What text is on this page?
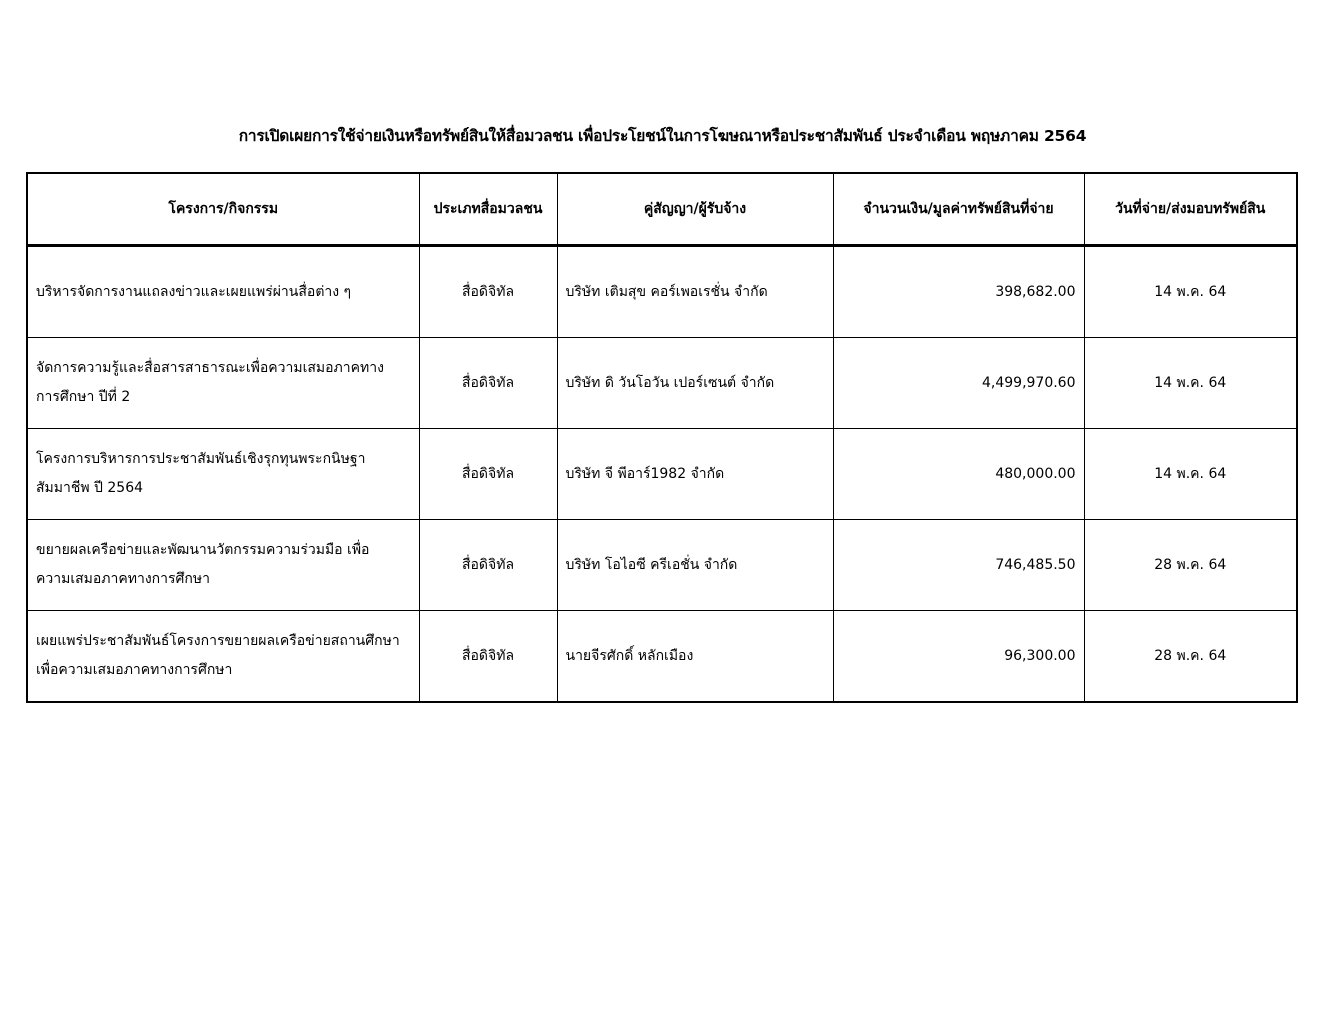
การเปิดเผยการใช้จ่ายเงินหรือทรัพย์สินให้สื่อมวลชน เพื่อประโยชน์ในการโฆษณาหรือประชาสัมพันธ์ ประจำเดือน พฤษภาคม 2564
โครงการ/กิจกรรม	ประเภทสื่อมวลชน	คู่สัญญา/ผู้รับจ้าง	จำนวนเงิน/มูลค่าทรัพย์สินที่จ่าย	วันที่จ่าย/ส่งมอบทรัพย์สิน

บริหารจัดการงานแถลงข่าวและเผยแพร่ผ่านสื่อต่าง ๆ	สื่อดิจิทัล	บริษัท เติมสุข คอร์เพอเรชั่น จำกัด	398,682.00	14 พ.ค. 64

จัดการความรู้และสื่อสารสาธารณะเพื่อความเสมอภาคทาง
การศึกษา ปีที่ 2	สื่อดิจิทัล	บริษัท ดิ วันโอวัน เปอร์เซนต์ จำกัด	4,499,970.60	14 พ.ค. 64

โครงการบริหารการประชาสัมพันธ์เชิงรุกทุนพระกนิษฐา
สัมมาชีพ ปี 2564	สื่อดิจิทัล	บริษัท จี พีอาร์1982 จำกัด	480,000.00	14 พ.ค. 64

ขยายผลเครือข่ายและพัฒนานวัตกรรมความร่วมมือ เพื่อ
ความเสมอภาคทางการศึกษา	สื่อดิจิทัล	บริษัท โอไอซี ครีเอชั่น จำกัด	746,485.50	28 พ.ค. 64

เผยแพร่ประชาสัมพันธ์โครงการขยายผลเครือข่ายสถานศึกษา
เพื่อความเสมอภาคทางการศึกษา	สื่อดิจิทัล	นายจีรศักดิ์ หลักเมือง	96,300.00	28 พ.ค. 64
